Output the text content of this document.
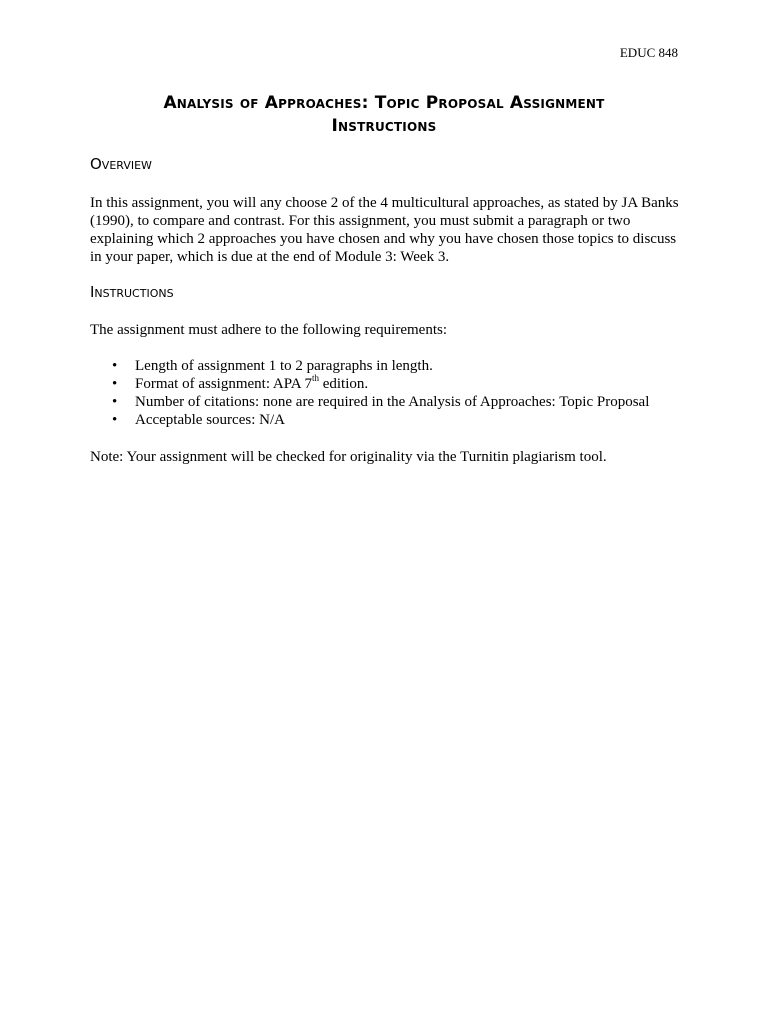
EDUC 848
Analysis of Approaches: Topic Proposal Assignment
Instructions
Overview
In this assignment, you will any choose 2 of the 4 multicultural approaches, as stated by JA Banks (1990), to compare and contrast. For this assignment, you must submit a paragraph or two explaining which 2 approaches you have chosen and why you have chosen those topics to discuss in your paper, which is due at the end of Module 3: Week 3.
Instructions
The assignment must adhere to the following requirements:
• Length of assignment 1 to 2 paragraphs in length.
• Format of assignment: APA 7th edition.
• Number of citations: none are required in the Analysis of Approaches: Topic Proposal
• Acceptable sources: N/A
Note: Your assignment will be checked for originality via the Turnitin plagiarism tool.
